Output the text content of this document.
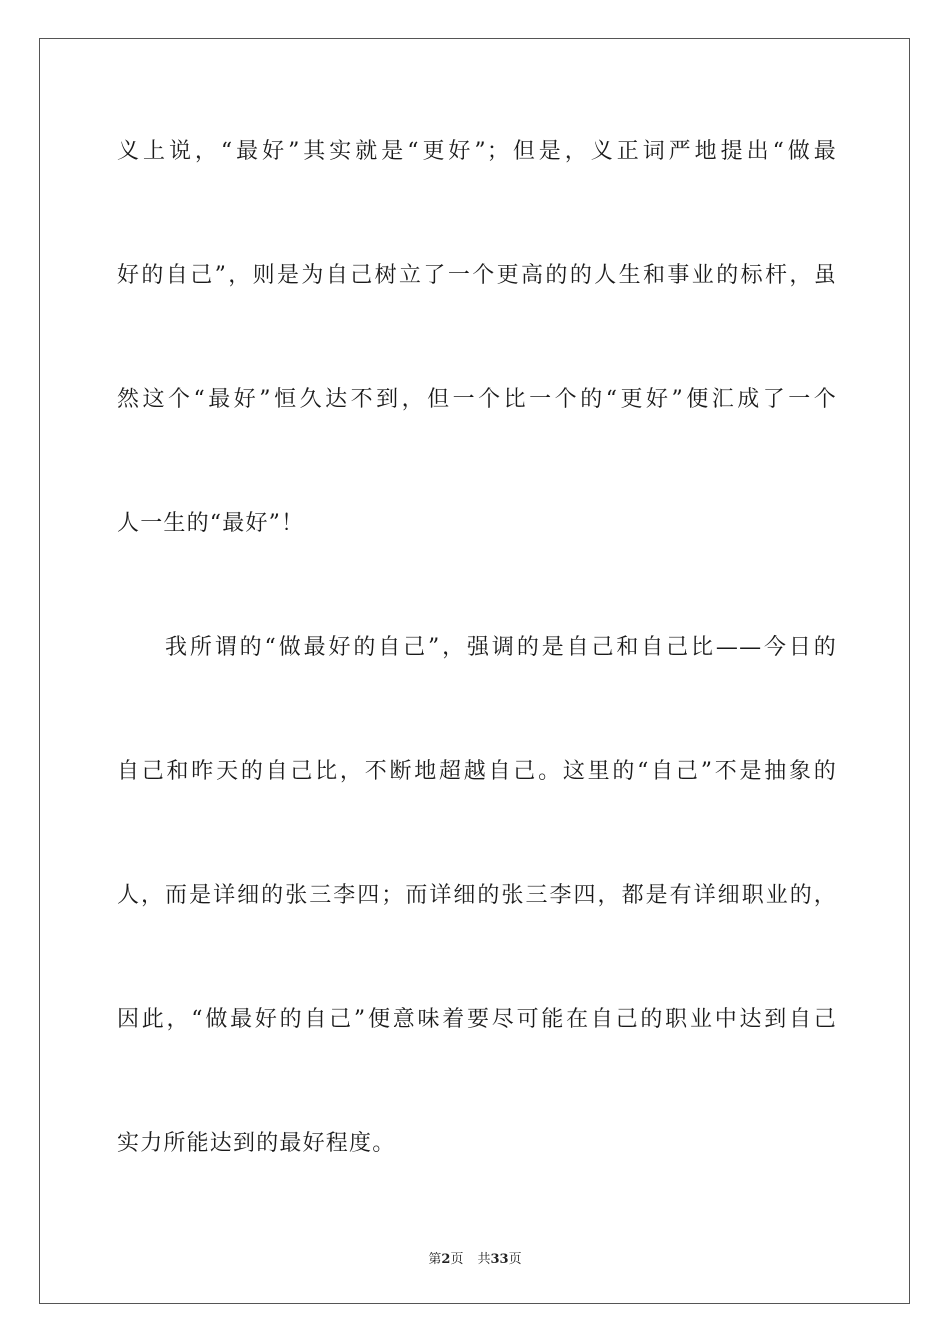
义上说，“最好”其实就是“更好”；但是，义正词严地提出“做最
好的自己”，则是为自己树立了一个更高的的人生和事业的标杆，虽
然这个“最好”恒久达不到，但一个比一个的“更好”便汇成了一个
人一生的“最好”！
我所谓的“做最好的自己”，强调的是自己和自己比——今日的
自己和昨天的自己比，不断地超越自己。这里的“自己”不是抽象的
人，而是详细的张三李四；而详细的张三李四，都是有详细职业的，
因此，“做最好的自己”便意味着要尽可能在自己的职业中达到自己
实力所能达到的最好程度。
第2页 共33页
